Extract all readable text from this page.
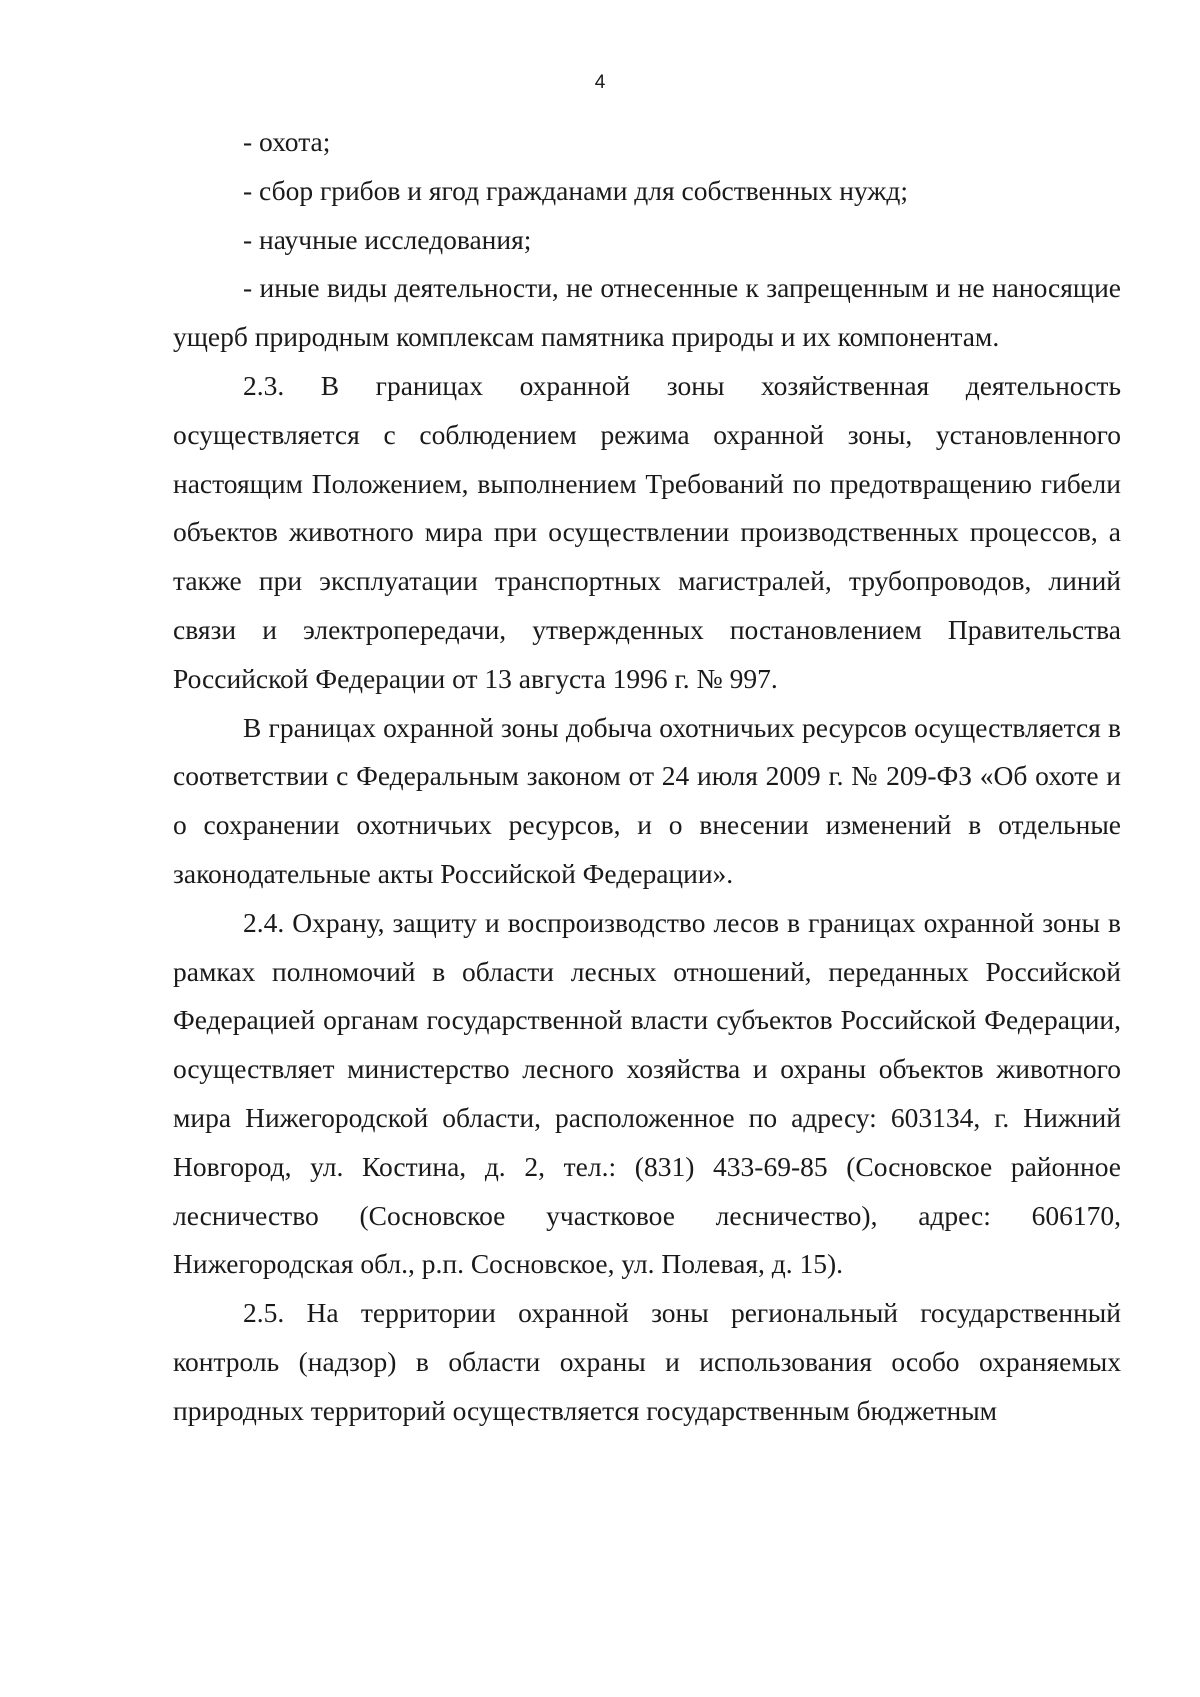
4

- охота;

- сбор грибов и ягод гражданами для собственных нужд;

- научные исследования;

- иные виды деятельности, не отнесенные к запрещенным и не наносящие ущерб природным комплексам памятника природы и их компонентам.

2.3. В границах охранной зоны хозяйственная деятельность осуществляется с соблюдением режима охранной зоны, установленного настоящим Положением, выполнением Требований по предотвращению гибели объектов животного мира при осуществлении производственных процессов, а также при эксплуатации транспортных магистралей, трубопроводов, линий связи и электропередачи, утвержденных постановлением Правительства Российской Федерации от 13 августа 1996 г. № 997.

В границах охранной зоны добыча охотничьих ресурсов осуществляется в соответствии с Федеральным законом от 24 июля 2009 г. № 209-ФЗ «Об охоте и о сохранении охотничьих ресурсов, и о внесении изменений в отдельные законодательные акты Российской Федерации».

2.4. Охрану, защиту и воспроизводство лесов в границах охранной зоны в рамках полномочий в области лесных отношений, переданных Российской Федерацией органам государственной власти субъектов Российской Федерации, осуществляет министерство лесного хозяйства и охраны объектов животного мира Нижегородской области, расположенное по адресу: 603134, г. Нижний Новгород, ул. Костина, д. 2, тел.: (831) 433-69-85 (Сосновское районное лесничество (Сосновское участковое лесничество), адрес: 606170, Нижегородская обл., р.п. Сосновское, ул. Полевая, д. 15).

2.5. На территории охранной зоны региональный государственный контроль (надзор) в области охраны и использования особо охраняемых природных территорий осуществляется государственным бюджетным
